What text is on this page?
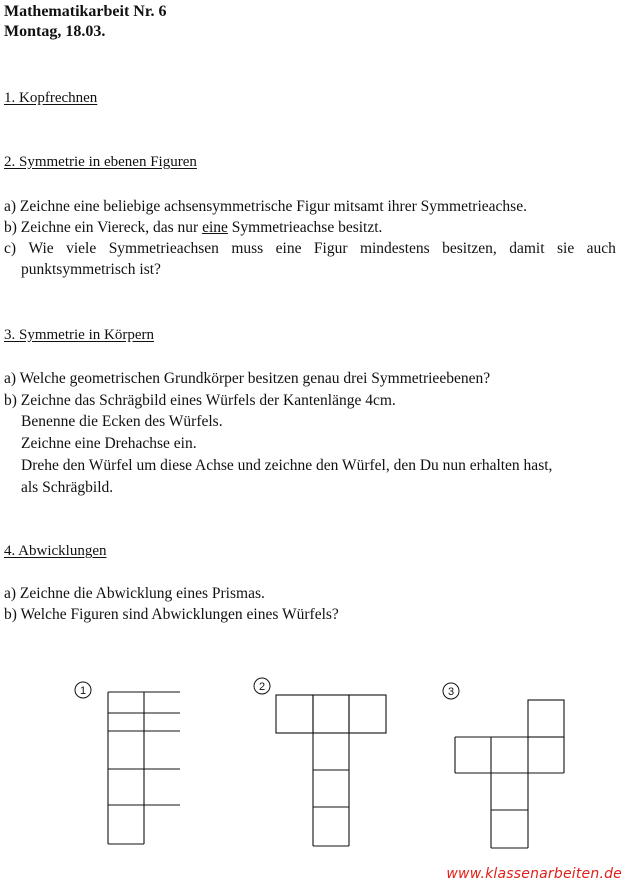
Mathematikarbeit Nr. 6
Montag, 18.03.
1. Kopfrechnen
2. Symmetrie in ebenen Figuren
a) Zeichne eine beliebige achsensymmetrische Figur mitsamt ihrer Symmetrieachse.
b) Zeichne ein Viereck, das nur eine Symmetrieachse besitzt.
c) Wie viele Symmetrieachsen muss eine Figur mindestens besitzen, damit sie auch
punktsymmetrisch ist?
3. Symmetrie in Körpern
a) Welche geometrischen Grundkörper besitzen genau drei Symmetrieebenen?
b) Zeichne das Schrägbild eines Würfels der Kantenlänge 4cm.
Benenne die Ecken des Würfels.
Zeichne eine Drehachse ein.
Drehe den Würfel um diese Achse und zeichne den Würfel, den Du nun erhalten hast,
als Schrägbild.
4. Abwicklungen
a) Zeichne die Abwicklung eines Prismas.
b) Welche Figuren sind Abwicklungen eines Würfels?
1	2	3
www.klassenarbeiten.de
